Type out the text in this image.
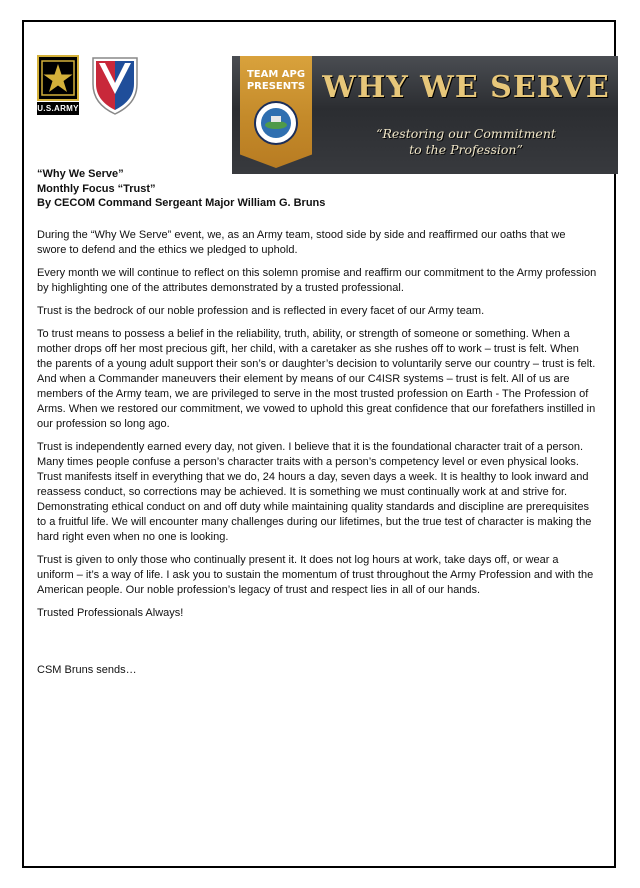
U.S.ARMY
TEAM APG
PRESENTS WHY WE SERVE
“Restoring our Commitment
to the Profession”
“Why We Serve”
Monthly Focus “Trust”
By CECOM Command Sergeant Major William G. Bruns

During the “Why We Serve” event, we, as an Army team, stood side by side and reaffirmed our oaths that we swore to defend and the ethics we pledged to uphold.

Every month we will continue to reflect on this solemn promise and reaffirm our commitment to the Army profession by highlighting one of the attributes demonstrated by a trusted professional.

Trust is the bedrock of our noble profession and is reflected in every facet of our Army team.

To trust means to possess a belief in the reliability, truth, ability, or strength of someone or something. When a mother drops off her most precious gift, her child, with a caretaker as she rushes off to work – trust is felt. When the parents of a young adult support their son’s or daughter’s decision to voluntarily serve our country – trust is felt. And when a Commander maneuvers their element by means of our C4ISR systems – trust is felt. All of us are members of the Army team, we are privileged to serve in the most trusted profession on Earth - The Profession of Arms. When we restored our commitment, we vowed to uphold this great confidence that our forefathers instilled in our profession so long ago.

Trust is independently earned every day, not given. I believe that it is the foundational character trait of a person. Many times people confuse a person’s character traits with a person’s competency level or even physical looks. Trust manifests itself in everything that we do, 24 hours a day, seven days a week. It is healthy to look inward and reassess conduct, so corrections may be achieved. It is something we must continually work at and strive for. Demonstrating ethical conduct on and off duty while maintaining quality standards and discipline are prerequisites to a fruitful life. We will encounter many challenges during our lifetimes, but the true test of character is making the hard right even when no one is looking.

Trust is given to only those who continually present it. It does not log hours at work, take days off, or wear a uniform – it’s a way of life. I ask you to sustain the momentum of trust throughout the Army Profession and with the American people. Our noble profession’s legacy of trust and respect lies in all of our hands.

Trusted Professionals Always!

CSM Bruns sends…
